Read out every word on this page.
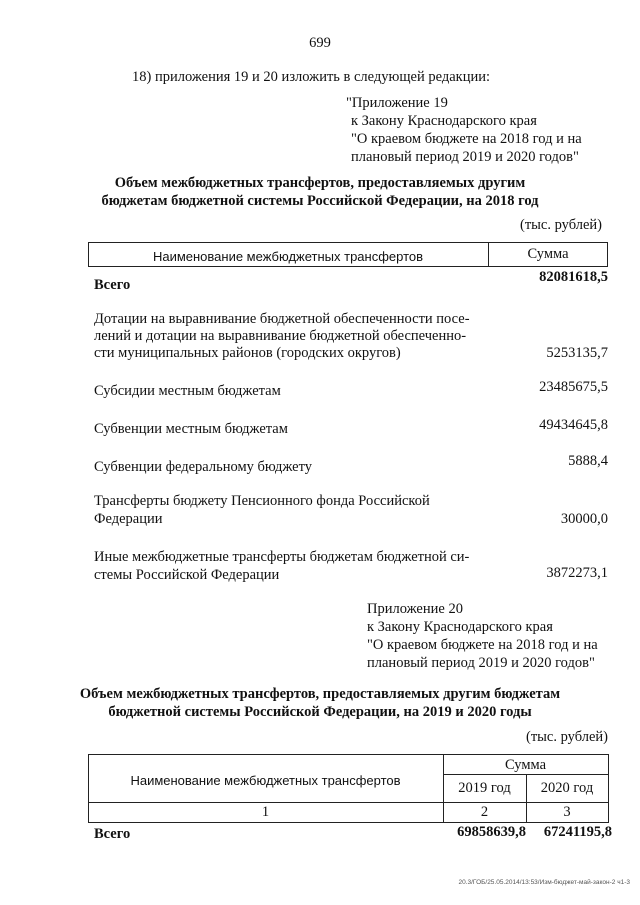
699
18) приложения 19 и 20 изложить в следующей редакции:
"Приложение 19
к Закону Краснодарского края
"О краевом бюджете на 2018 год и на
плановый период 2019 и 2020 годов"
Объем межбюджетных трансфертов, предоставляемых другим
бюджетам бюджетной системы Российской Федерации, на 2018 год
(тыс. рублей)
Наименование межбюджетных трансфертов	Сумма
Всего	82081618,5
Дотации на выравнивание бюджетной обеспеченности посе-
лений и дотации на выравнивание бюджетной обеспеченно-
сти муниципальных районов (городских округов)	5253135,7
Субсидии местным бюджетам	23485675,5
Субвенции местным бюджетам	49434645,8
Субвенции федеральному бюджету	5888,4
Трансферты бюджету Пенсионного фонда Российской
Федерации	30000,0
Иные межбюджетные трансферты бюджетам бюджетной си-
стемы Российской Федерации	3872273,1
Приложение 20
к Закону Краснодарского края
"О краевом бюджете на 2018 год и на
плановый период 2019 и 2020 годов"
Объем межбюджетных трансфертов, предоставляемых другим бюджетам
бюджетной системы Российской Федерации, на 2019 и 2020 годы
(тыс. рублей)
Наименование межбюджетных трансфертов
Сумма
2019 год	2020 год
1	2	3
Всего	69858639,8	67241195,8
20.3/ГОБ/25.05.2014/13:53/Изм-бюджет-май-закон-2 ч1-3
